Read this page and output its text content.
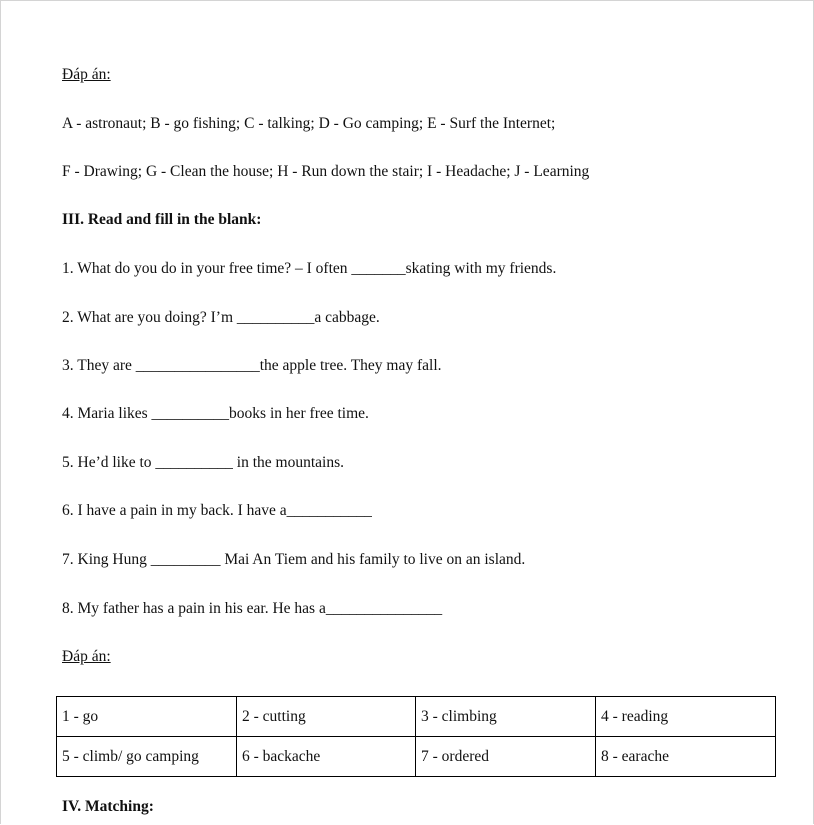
Đáp án:
A - astronaut; B - go fishing; C - talking; D - Go camping; E - Surf the Internet;
F - Drawing; G - Clean the house; H - Run down the stair; I - Headache; J - Learning
III. Read and fill in the blank:
1. What do you do in your free time? – I often _______skating with my friends.
2. What are you doing? I’m __________a cabbage.
3. They are ________________the apple tree. They may fall.
4. Maria likes __________books in her free time.
5. He’d like to __________ in the mountains.
6. I have a pain in my back. I have a___________
7. King Hung _________ Mai An Tiem and his family to live on an island.
8. My father has a pain in his ear. He has a_______________
Đáp án:
1 - go	2 - cutting	3 - climbing	4 - reading
5 - climb/ go camping	6 - backache	7 - ordered	8 - earache
IV. Matching:
